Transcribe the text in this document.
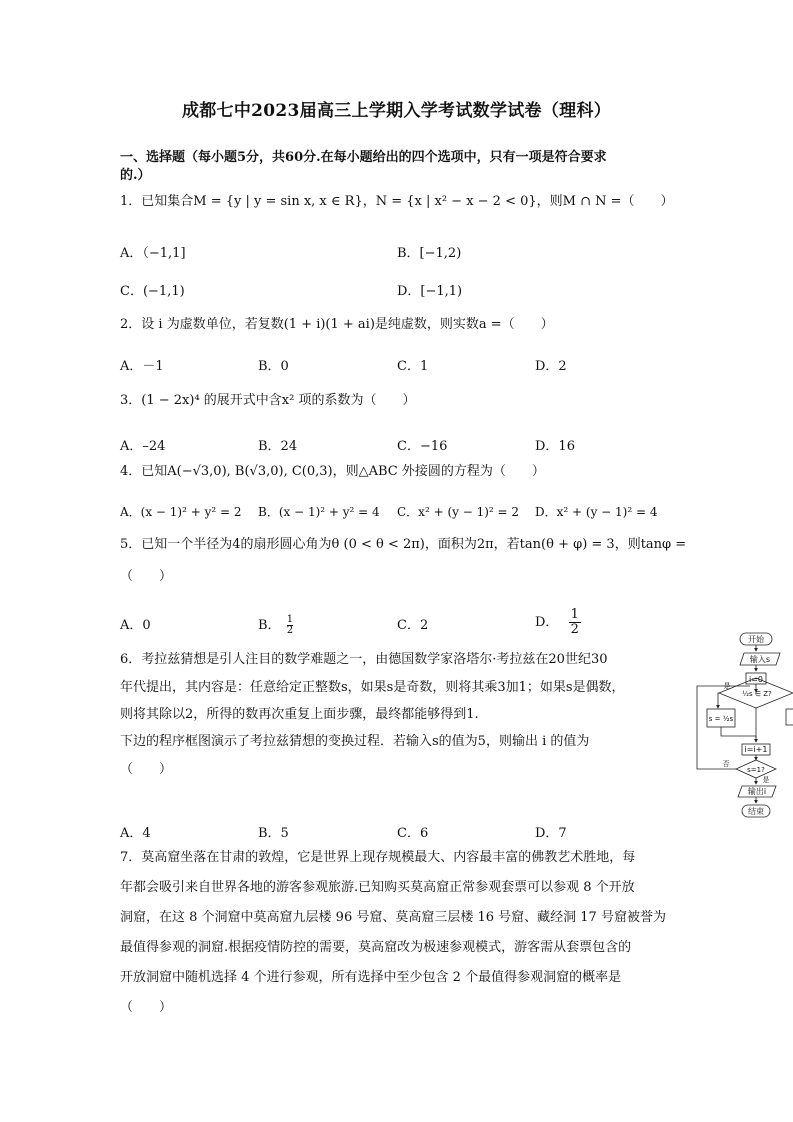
成都七中2023届高三上学期入学考试数学试卷（理科）
一、选择题（每小题5分，共60分.在每小题给出的四个选项中，只有一项是符合要求
的.）
1．已知集合M = {y | y = sin x, x ∈ R}，N = {x | x² − x − 2 < 0}，则M ∩ N =（　　）
A．（−1,1]	B．[−1,2)
C．(−1,1)	D．[−1,1)
2．设 i 为虚数单位，若复数(1 + i)(1 + ai)是纯虚数，则实数a =（　　）
A．－1	B．0	C．1	D．2
3．(1 − 2x)⁴ 的展开式中含x² 项的系数为（　　）
A．–24	B．24	C．−16	D．16
4．已知A(−√3,0), B(√3,0), C(0,3)，则△ABC 外接圆的方程为（　　）
A．(x − 1)² + y² = 2 B．(x − 1)² + y² = 4 C．x² + (y − 1)² = 2 D．x² + (y − 1)² = 4
5．已知一个半径为4的扇形圆心角为θ (0 < θ < 2π)，面积为2π，若tan(θ + φ) = 3，则tanφ =
（　　）
A．0	B． $\frac{1}{2}$	C．2	D． $\frac{1}{2}$
6．考拉兹猜想是引人注目的数学难题之一，由德国数学家洛塔尔·考拉兹在20世纪30
年代提出，其内容是：任意给定正整数s，如果s是奇数，则将其乘3加1；如果s是偶数，
则将其除以2，所得的数再次重复上面步骤，最终都能够得到1.
下边的程序框图演示了考拉兹猜想的变换过程．若输入s的值为5，则输出 i 的值为
（　　）
A．4	B．5	C．6	D．7
开始
输入s
i=0
½s ∈ Z?
是
s = ½s
i=i+1
否
s=1?
是
输出i
结束
否
7．莫高窟坐落在甘肃的敦煌，它是世界上现存规模最大、内容最丰富的佛教艺术胜地，每
年都会吸引来自世界各地的游客参观旅游.已知购买莫高窟正常参观套票可以参观 8 个开放
洞窟，在这 8 个洞窟中莫高窟九层楼 96 号窟、莫高窟三层楼 16 号窟、藏经洞 17 号窟被誉为
最值得参观的洞窟.根据疫情防控的需要，莫高窟改为极速参观模式，游客需从套票包含的
开放洞窟中随机选择 4 个进行参观，所有选择中至少包含 2 个最值得参观洞窟的概率是
（　　）
